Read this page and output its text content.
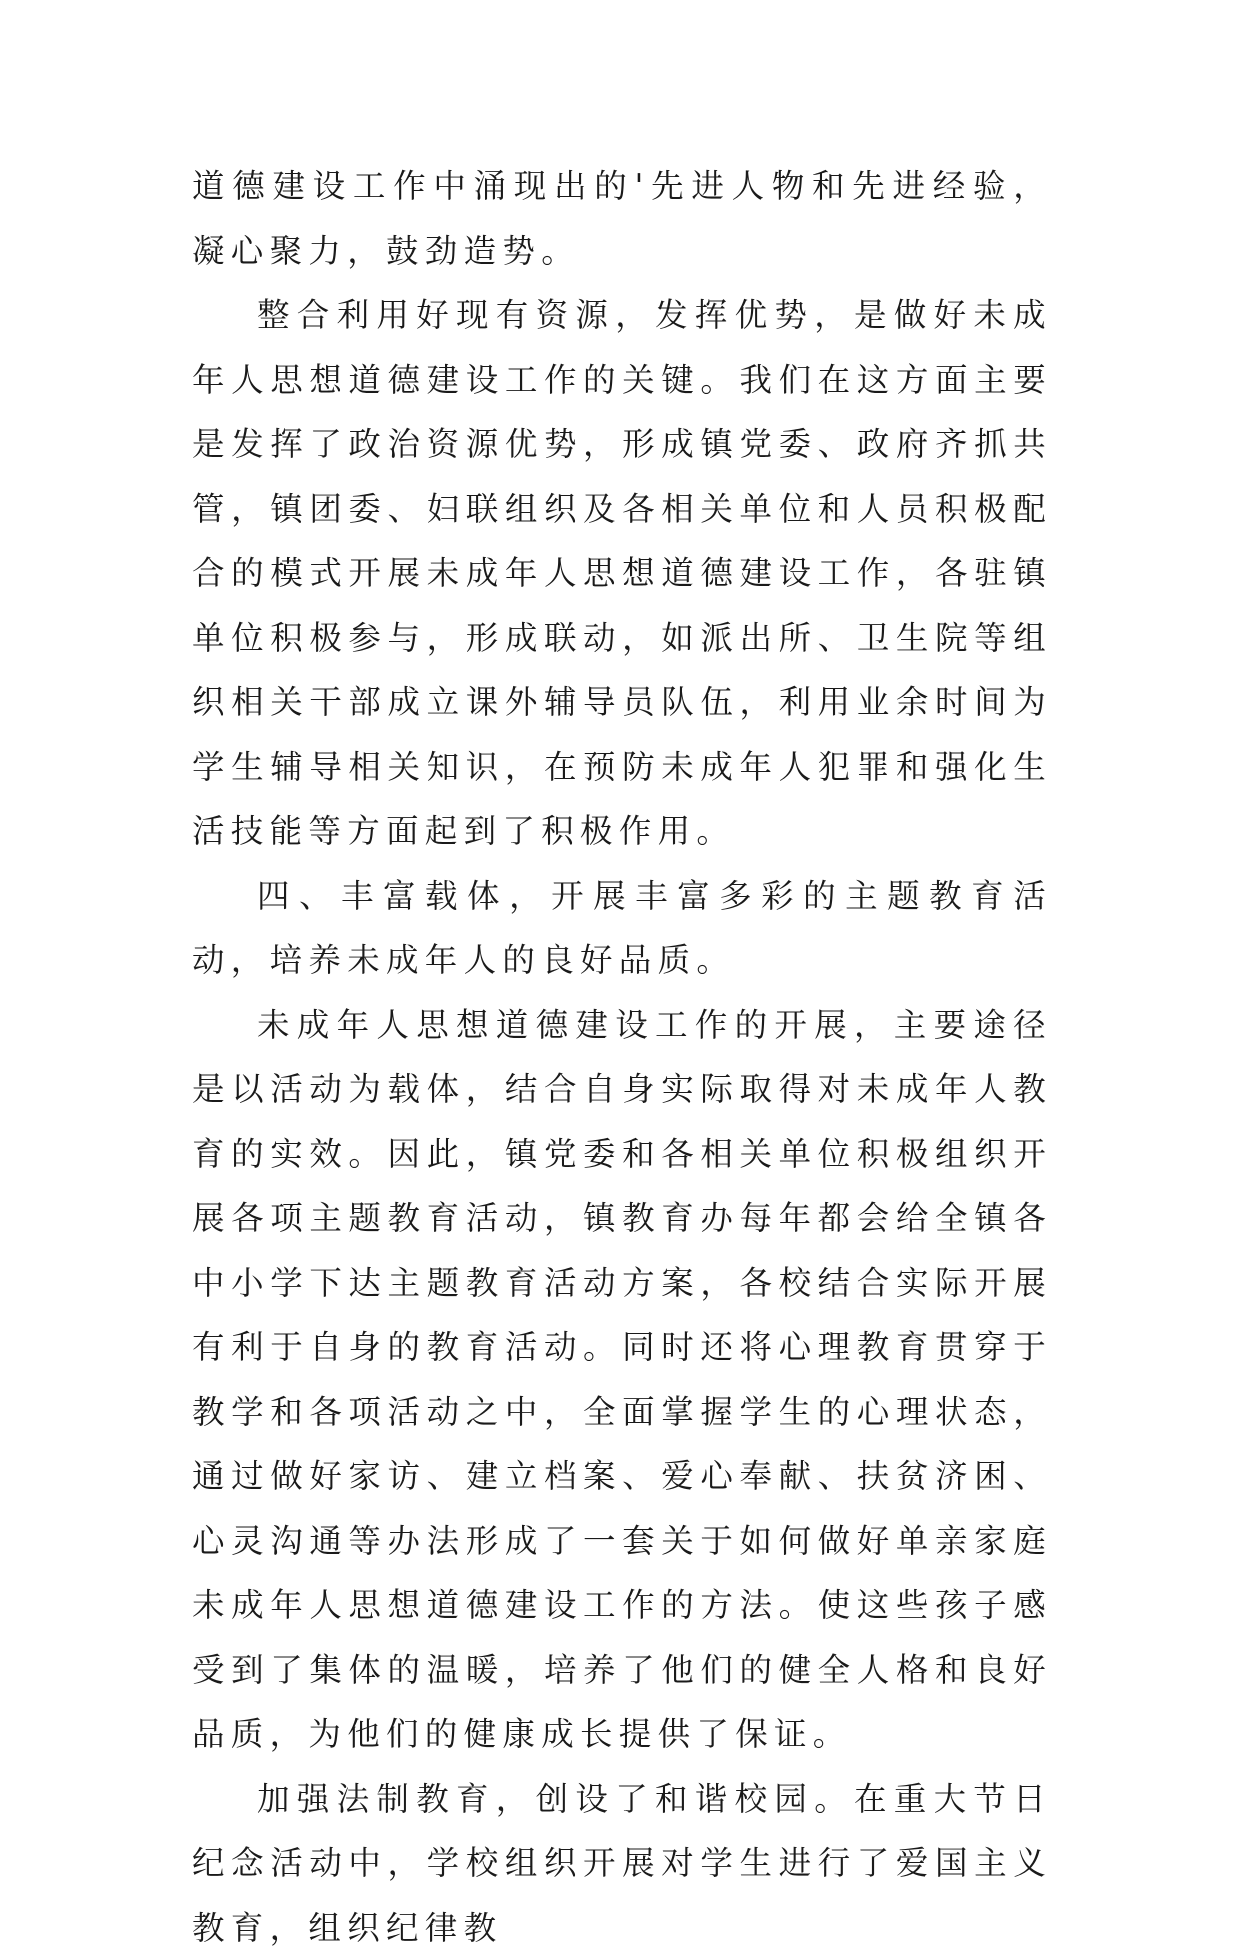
道德建设工作中涌现出的'先进人物和先进经验，凝心聚力，鼓劲造势。

整合利用好现有资源，发挥优势，是做好未成年人思想道德建设工作的关键。我们在这方面主要是发挥了政治资源优势，形成镇党委、政府齐抓共管，镇团委、妇联组织及各相关单位和人员积极配合的模式开展未成年人思想道德建设工作，各驻镇单位积极参与，形成联动，如派出所、卫生院等组织相关干部成立课外辅导员队伍，利用业余时间为学生辅导相关知识，在预防未成年人犯罪和强化生活技能等方面起到了积极作用。

四、丰富载体，开展丰富多彩的主题教育活动，培养未成年人的良好品质。

未成年人思想道德建设工作的开展，主要途径是以活动为载体，结合自身实际取得对未成年人教育的实效。因此，镇党委和各相关单位积极组织开展各项主题教育活动，镇教育办每年都会给全镇各中小学下达主题教育活动方案，各校结合实际开展有利于自身的教育活动。同时还将心理教育贯穿于教学和各项活动之中，全面掌握学生的心理状态，通过做好家访、建立档案、爱心奉献、扶贫济困、心灵沟通等办法形成了一套关于如何做好单亲家庭未成年人思想道德建设工作的方法。使这些孩子感受到了集体的温暖，培养了他们的健全人格和良好品质，为他们的健康成长提供了保证。

加强法制教育，创设了和谐校园。在重大节日纪念活动中，学校组织开展对学生进行了爱国主义教育，组织纪律教
